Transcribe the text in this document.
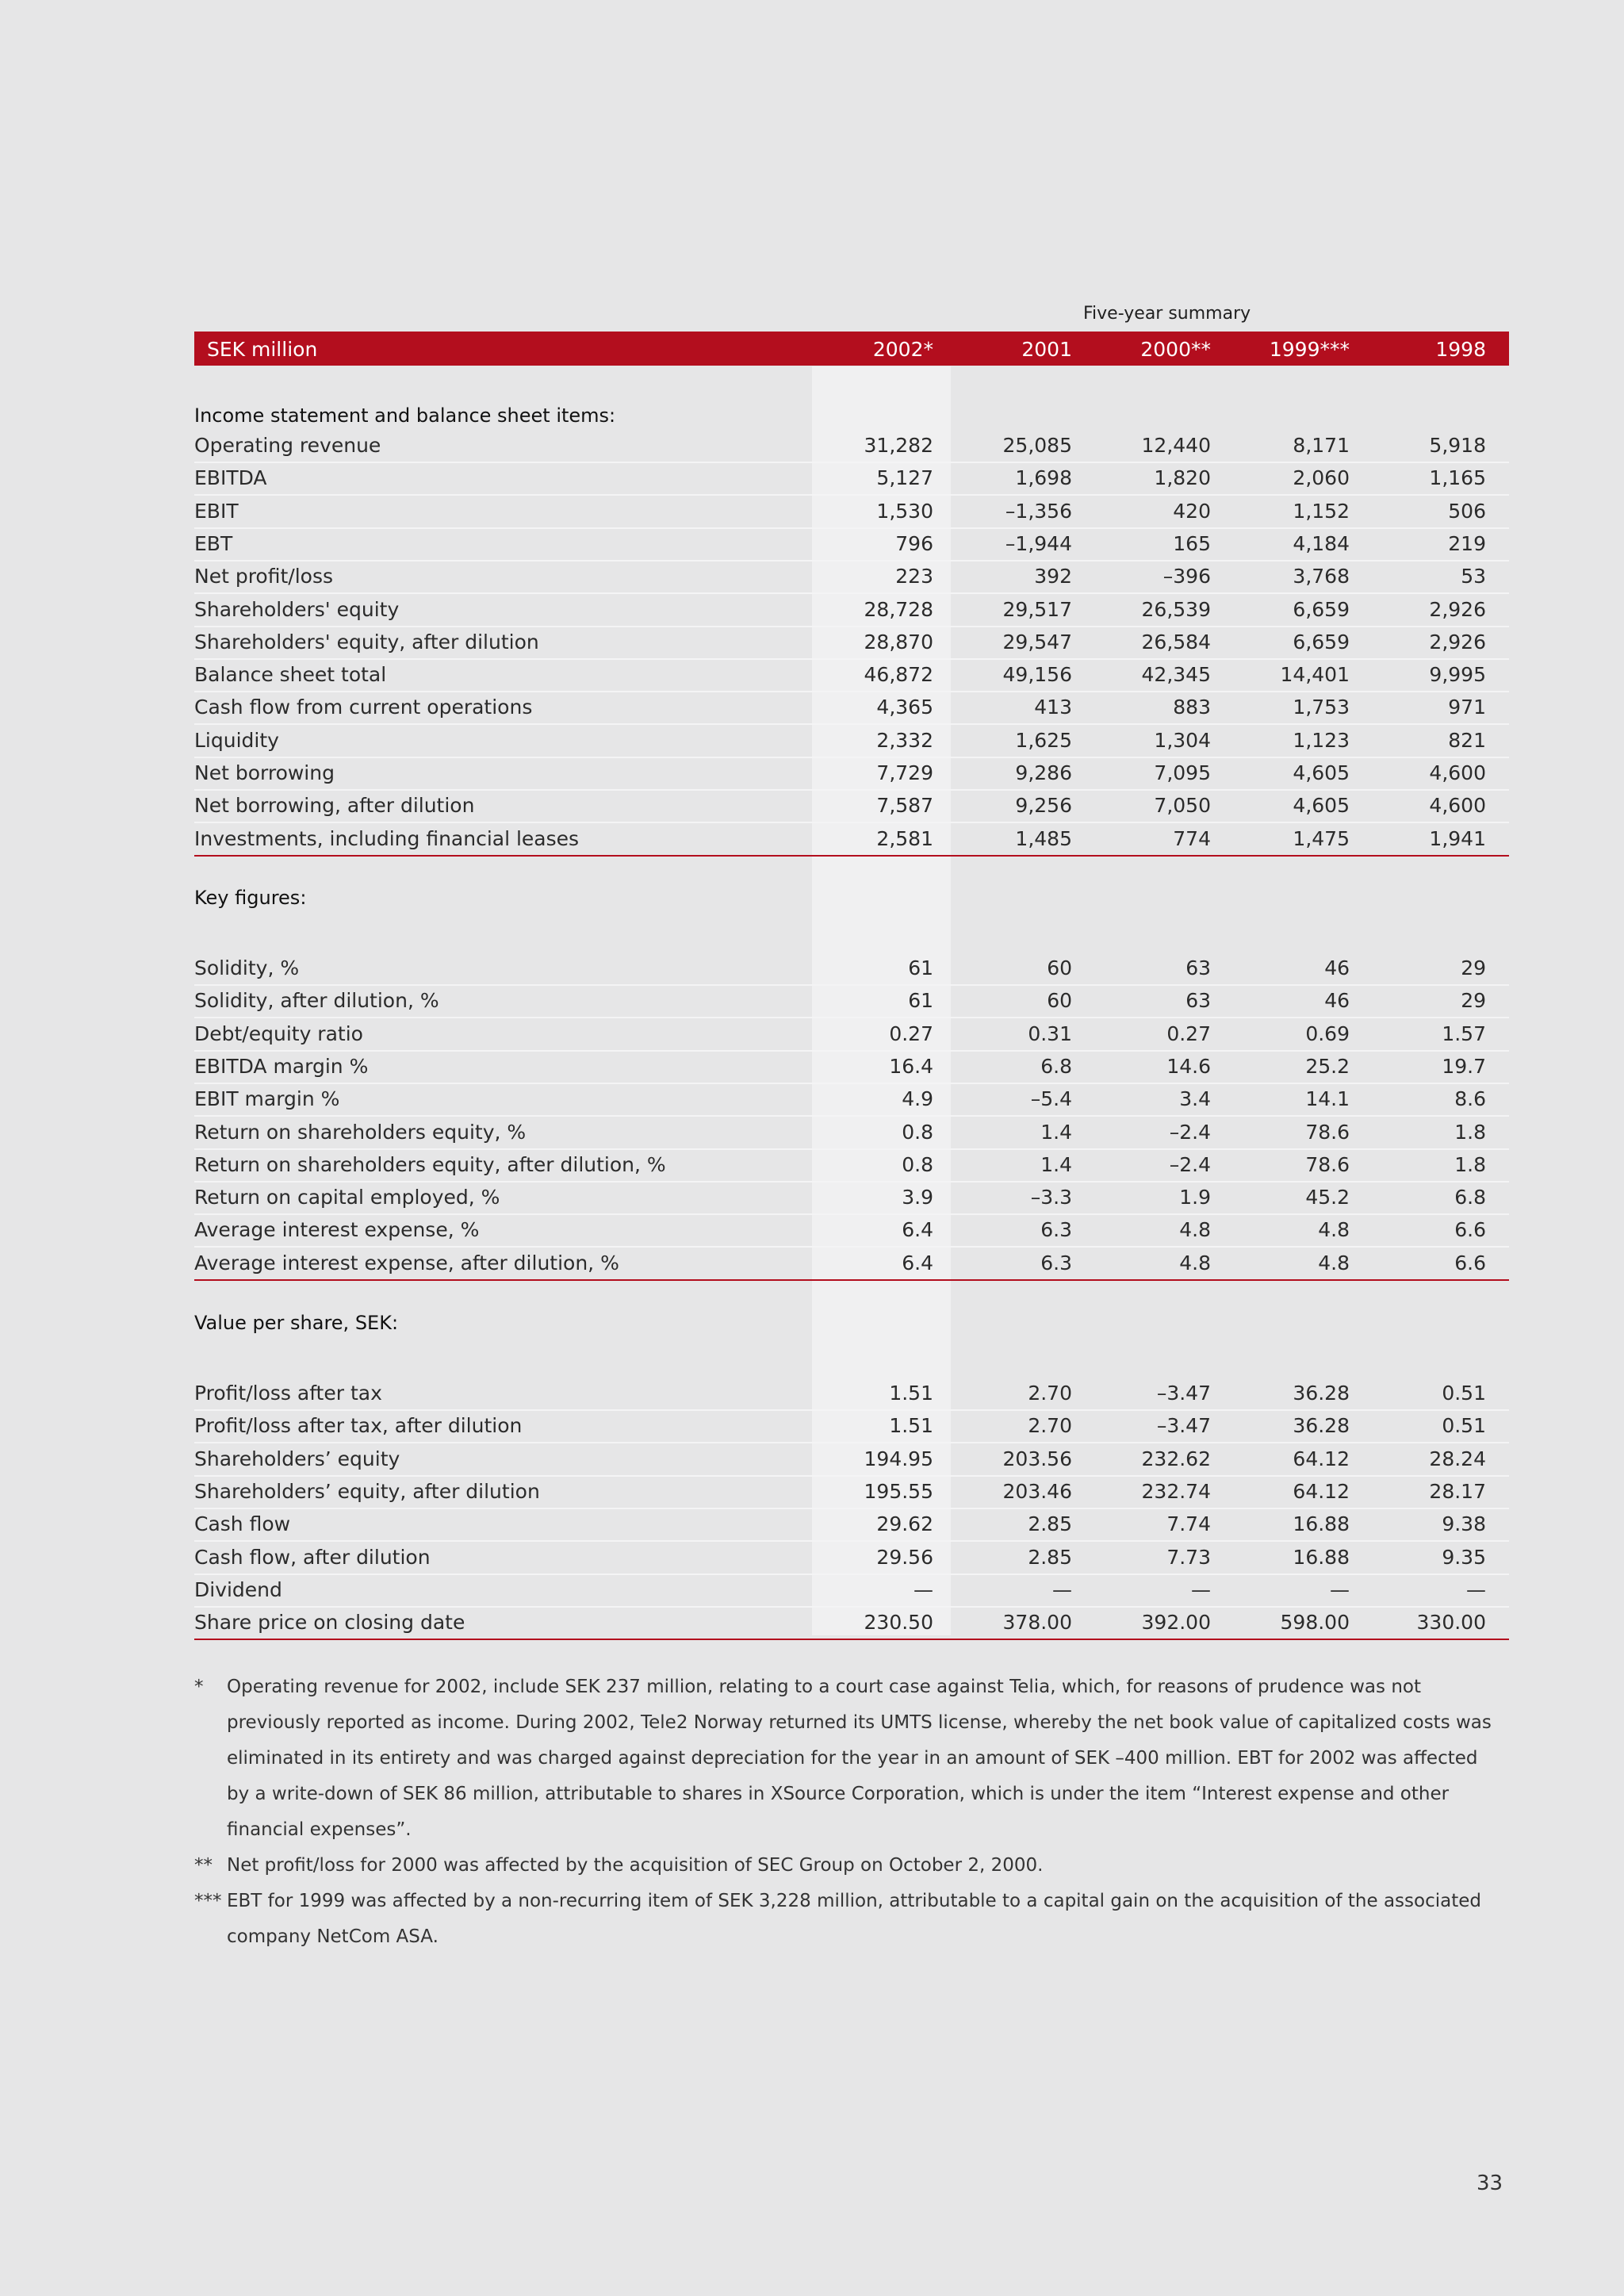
Five-year summary
SEK million	2002*	2001	2000**	1999***	1998
Income statement and balance sheet items:
Operating revenue	31,282	25,085	12,440	8,171	5,918
EBITDA	5,127	1,698	1,820	2,060	1,165
EBIT	1,530	–1,356	420	1,152	506
EBT	796	–1,944	165	4,184	219
Net profit/loss	223	392	–396	3,768	53
Shareholders' equity	28,728	29,517	26,539	6,659	2,926
Shareholders' equity, after dilution	28,870	29,547	26,584	6,659	2,926
Balance sheet total	46,872	49,156	42,345	14,401	9,995
Cash flow from current operations	4,365	413	883	1,753	971
Liquidity	2,332	1,625	1,304	1,123	821
Net borrowing	7,729	9,286	7,095	4,605	4,600
Net borrowing, after dilution	7,587	9,256	7,050	4,605	4,600
Investments, including financial leases	2,581	1,485	774	1,475	1,941
Key figures:
Solidity, %	61	60	63	46	29
Solidity, after dilution, %	61	60	63	46	29
Debt/equity ratio	0.27	0.31	0.27	0.69	1.57
EBITDA margin %	16.4	6.8	14.6	25.2	19.7
EBIT margin %	4.9	–5.4	3.4	14.1	8.6
Return on shareholders equity, %	0.8	1.4	–2.4	78.6	1.8
Return on shareholders equity, after dilution, %	0.8	1.4	–2.4	78.6	1.8
Return on capital employed, %	3.9	–3.3	1.9	45.2	6.8
Average interest expense, %	6.4	6.3	4.8	4.8	6.6
Average interest expense, after dilution, %	6.4	6.3	4.8	4.8	6.6
Value per share, SEK:
Profit/loss after tax	1.51	2.70	–3.47	36.28	0.51
Profit/loss after tax, after dilution	1.51	2.70	–3.47	36.28	0.51
Shareholders’ equity	194.95	203.56	232.62	64.12	28.24
Shareholders’ equity, after dilution	195.55	203.46	232.74	64.12	28.17
Cash flow	29.62	2.85	7.74	16.88	9.38
Cash flow, after dilution	29.56	2.85	7.73	16.88	9.35
Dividend	—	—	—	—	—
Share price on closing date	230.50	378.00	392.00	598.00	330.00
* Operating revenue for 2002, include SEK 237 million, relating to a court case against Telia, which, for reasons of prudence was not previously reported as income. During 2002, Tele2 Norway returned its UMTS license, whereby the net book value of capitalized costs was eliminated in its entirety and was charged against depreciation for the year in an amount of SEK –400 million. EBT for 2002 was affected by a write-down of SEK 86 million, attributable to shares in XSource Corporation, which is under the item “Interest expense and other financial expenses”.
** Net profit/loss for 2000 was affected by the acquisition of SEC Group on October 2, 2000.
*** EBT for 1999 was affected by a non-recurring item of SEK 3,228 million, attributable to a capital gain on the acquisition of the associated company NetCom ASA.
33
